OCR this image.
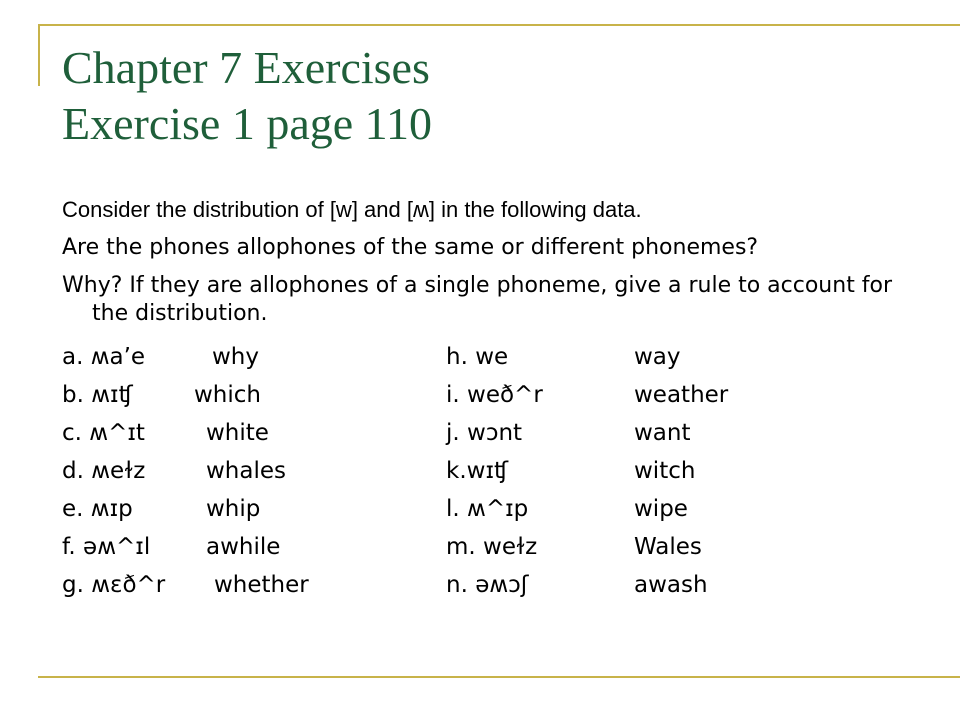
Chapter 7 Exercises
Exercise 1 page 110
Consider the distribution of [w] and [ʍ] in the following data.
Are the phones allophones of the same or different phonemes?
Why? If they are allophones of a single phoneme, give a rule to account for the distribution.
a. ʍa’e	why	h. we	way
b. ʍɪʧ	which	i. weð^r	weather
c. ʍ^ɪt	white	j. wɔnt	want
d. ʍeɫz	whales	k.wɪʧ	witch
e. ʍɪp	whip	l. ʍ^ɪp	wipe
f. əʍ^ɪl awhile	m. weɫz	Wales
g. ʍɛð^r whether	n. əʍɔʃ	awash
